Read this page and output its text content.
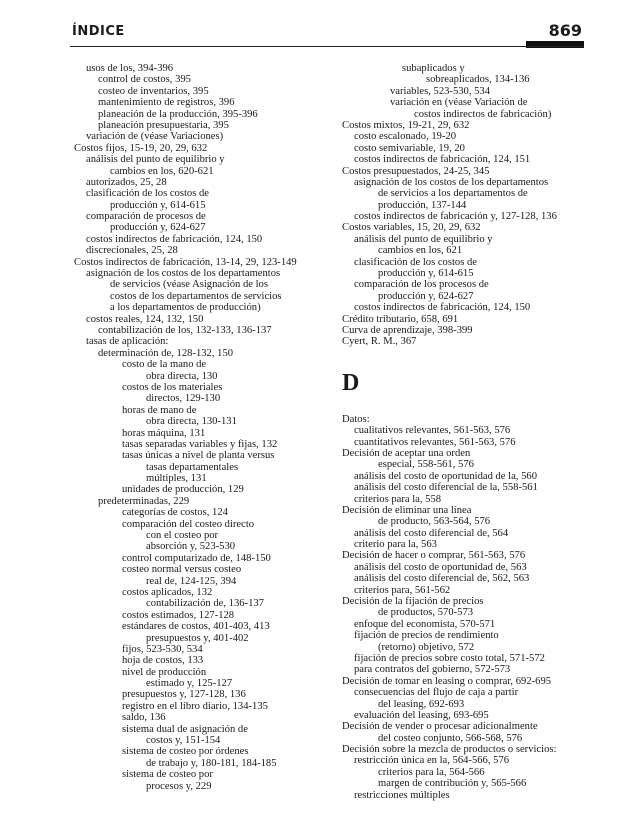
ÍNDICE	869
usos de los, 394-396
control de costos, 395
costeo de inventarios, 395
mantenimiento de registros, 396
planeación de la producción, 395-396
planeación presupuestaria, 395
variación de (véase Variaciones)
Costos fijos, 15-19, 20, 29, 632
análisis del punto de equilibrio y
cambios en los, 620-621
autorizados, 25, 28
clasificación de los costos de
producción y, 614-615
comparación de procesos de
producción y, 624-627
costos indirectos de fabricación, 124, 150
discrecionales, 25, 28
Costos indirectos de fabricación, 13-14, 29, 123-149
asignación de los costos de los departamentos
de servicios (véase Asignación de los
costos de los departamentos de servicios
a los departamentos de producción)
costos reales, 124, 132, 150
contabilización de los, 132-133, 136-137
tasas de aplicación:
determinación de, 128-132, 150
costo de la mano de
obra directa, 130
costos de los materiales
directos, 129-130
horas de mano de
obra directa, 130-131
horas máquina, 131
tasas separadas variables y fijas, 132
tasas únicas a nivel de planta versus
tasas departamentales
múltiples, 131
unidades de producción, 129
predeterminadas, 229
categorías de costos, 124
comparación del costeo directo
con el costeo por
absorción y, 523-530
control computarizado de, 148-150
costeo normal versus costeo
real de, 124-125, 394
costos aplicados, 132
contabilización de, 136-137
costos estimados, 127-128
estándares de costos, 401-403, 413
presupuestos y, 401-402
fijos, 523-530, 534
hoja de costos, 133
nivel de producción
estimado y, 125-127
presupuestos y, 127-128, 136
registro en el libro diario, 134-135
saldo, 136
sistema dual de asignación de
costos y, 151-154
sistema de costeo por órdenes
de trabajo y, 180-181, 184-185
sistema de costeo por
procesos y, 229
subaplicados y
sobreaplicados, 134-136
variables, 523-530, 534
variación en (véase Variación de
costos indirectos de fabricación)
Costos mixtos, 19-21, 29, 632
costo escalonado, 19-20
costo semivariable, 19, 20
costos indirectos de fabricación, 124, 151
Costos presupuestados, 24-25, 345
asignación de los costos de los departamentos
de servicios a los departamentos de
producción, 137-144
costos indirectos de fabricación y, 127-128, 136
Costos variables, 15, 20, 29, 632
análisis del punto de equilibrio y
cambios en los, 621
clasificación de los costos de
producción y, 614-615
comparación de los procesos de
producción y, 624-627
costos indirectos de fabricación, 124, 150
Crédito tributario, 658, 691
Curva de aprendizaje, 398-399
Cyert, R. M., 367
D
Datos:
cualitativos relevantes, 561-563, 576
cuantitativos relevantes, 561-563, 576
Decisión de aceptar una orden
especial, 558-561, 576
análisis del costo de oportunidad de la, 560
análisis del costo diferencial de la, 558-561
criterios para la, 558
Decisión de eliminar una línea
de producto, 563-564, 576
análisis del costo diferencial de, 564
criterio para la, 563
Decisión de hacer o comprar, 561-563, 576
análisis del costo de oportunidad de, 563
análisis del costo diferencial de, 562, 563
criterios para, 561-562
Decisión de la fijación de precios
de productos, 570-573
enfoque del economista, 570-571
fijación de precios de rendimiento
(retorno) objetivo, 572
fijación de precios sobre costo total, 571-572
para contratos del gobierno, 572-573
Decisión de tomar en leasing o comprar, 692-695
consecuencias del flujo de caja a partir
del leasing, 692-693
evaluación del leasing, 693-695
Decisión de vender o procesar adicionalmente
del costeo conjunto, 566-568, 576
Decisión sobre la mezcla de productos o servicios:
restricción única en la, 564-566, 576
criterios para la, 564-566
margen de contribución y, 565-566
restricciones múltiples
